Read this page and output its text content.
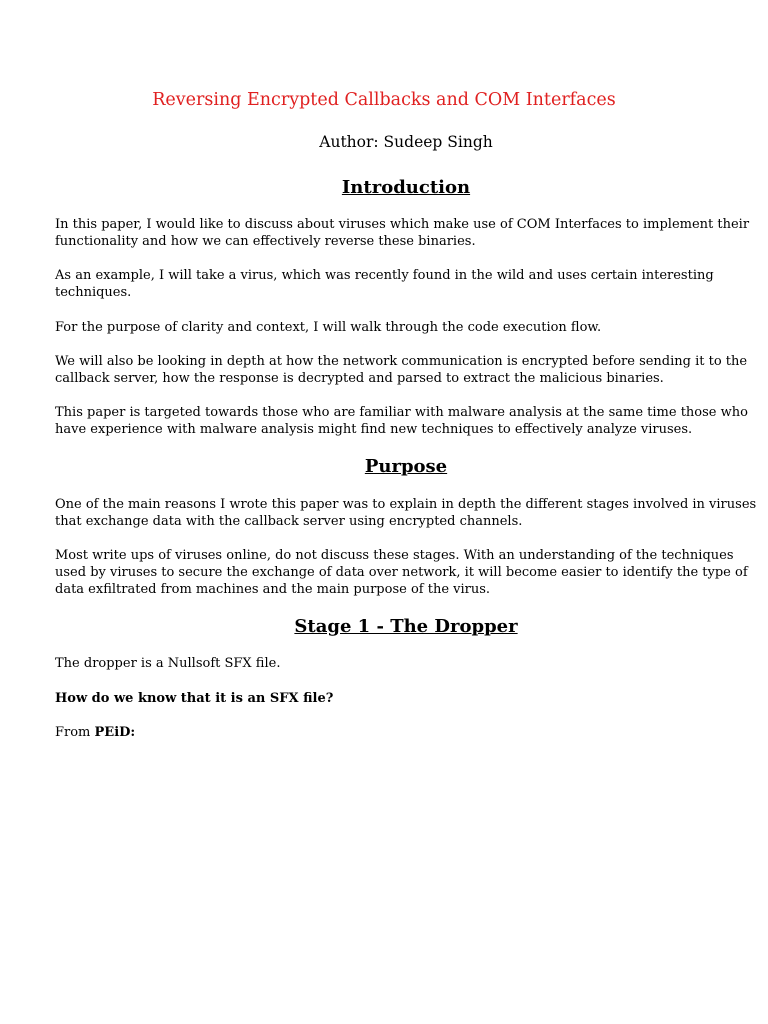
Reversing Encrypted Callbacks and COM Interfaces
Author: Sudeep Singh
Introduction
In this paper, I would like to discuss about viruses which make use of COM Interfaces to implement their
functionality and how we can effectively reverse these binaries.
As an example, I will take a virus, which was recently found in the wild and uses certain interesting
techniques.
For the purpose of clarity and context, I will walk through the code execution flow.
We will also be looking in depth at how the network communication is encrypted before sending it to the
callback server, how the response is decrypted and parsed to extract the malicious binaries.
This paper is targeted towards those who are familiar with malware analysis at the same time those who
have experience with malware analysis might find new techniques to effectively analyze viruses.
Purpose
One of the main reasons I wrote this paper was to explain in depth the different stages involved in viruses
that exchange data with the callback server using encrypted channels.
Most write ups of viruses online, do not discuss these stages. With an understanding of the techniques
used by viruses to secure the exchange of data over network, it will become easier to identify the type of
data exfiltrated from machines and the main purpose of the virus.
Stage 1 - The Dropper
The dropper is a Nullsoft SFX file.
How do we know that it is an SFX file?
From PEiD:
